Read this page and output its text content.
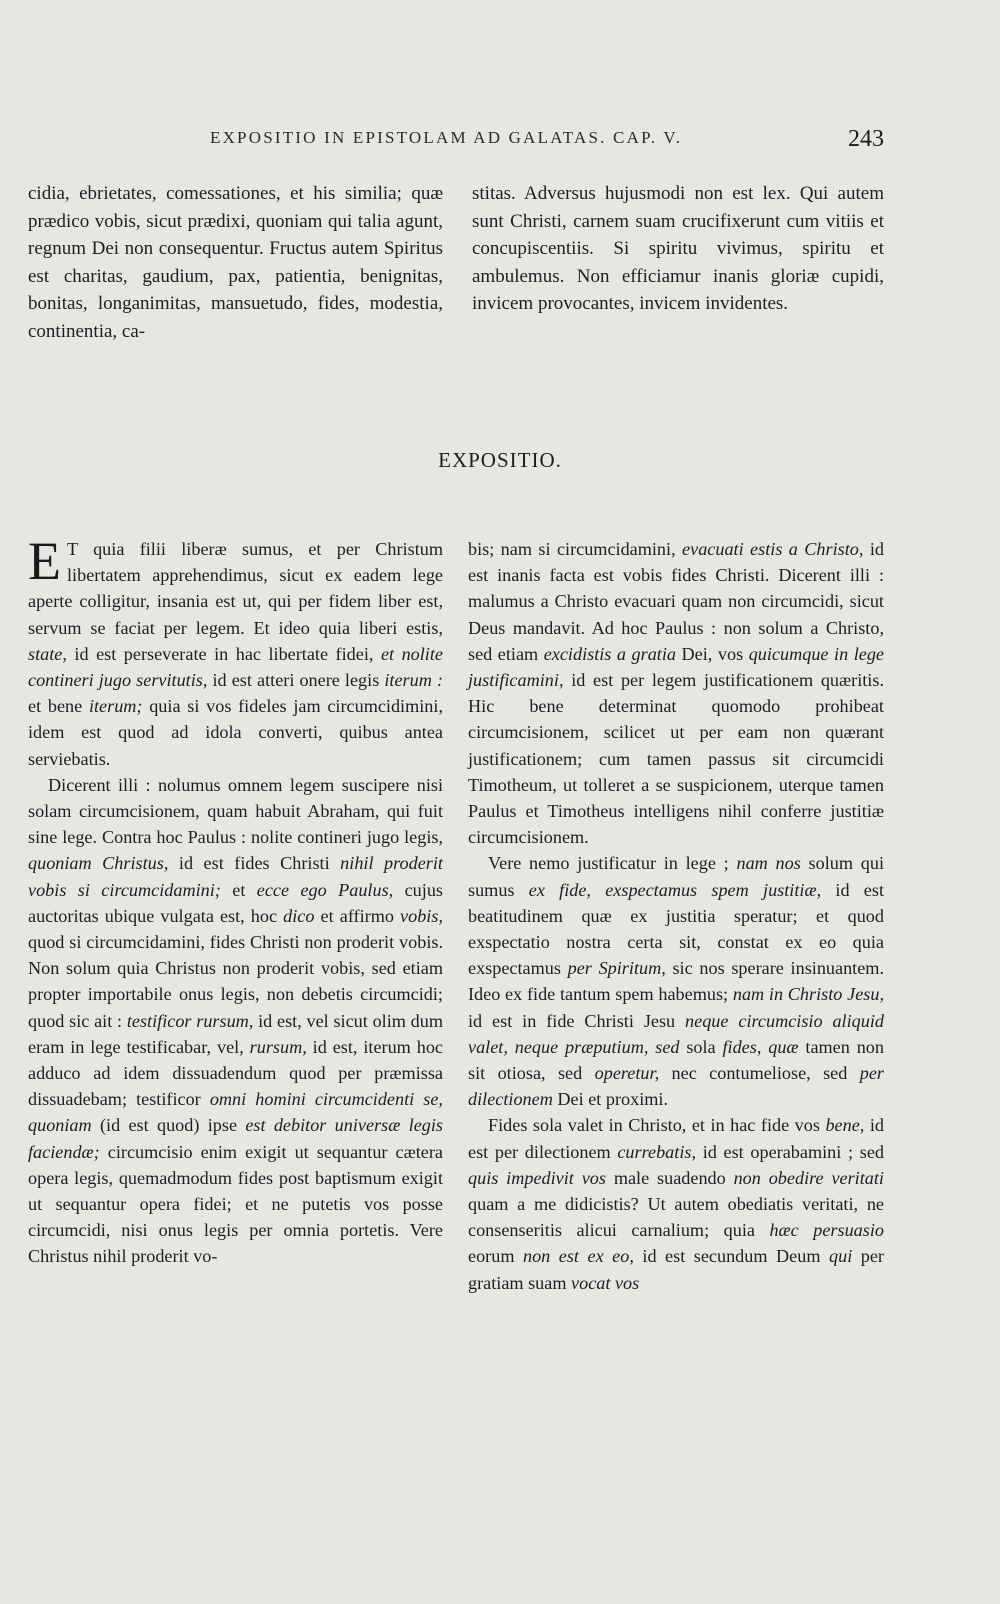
EXPOSITIO IN EPISTOLAM AD GALATAS. CAP. V.	243

cidia, ebrietates, comessationes, et his similia; quæ prædico vobis, sicut prædixi, quoniam qui talia agunt, regnum Dei non consequentur. Fructus autem Spiritus est charitas, gaudium, pax, patientia, benignitas, bonitas, longanimitas, mansuetudo, fides, modestia, continentia, ca-

stitas. Adversus hujusmodi non est lex. Qui autem sunt Christi, carnem suam crucifixerunt cum vitiis et concupiscentiis. Si spiritu vivimus, spiritu et ambulemus. Non efficiamur inanis gloriæ cupidi, invicem provocantes, invicem invidentes.

EXPOSITIO.

E T quia filii liberæ sumus, et per Christum libertatem apprehendimus, sicut ex eadem lege aperte colligitur, insania est ut, qui per fidem liber est, servum se faciat per legem. Et ideo quia liberi estis, state, id est perseverate in hac libertate fidei, et nolite contineri jugo servitutis, id est atteri onere legis iterum : et bene iterum; quia si vos fideles jam circumcidimini, idem est quod ad idola converti, quibus antea serviebatis.

Dicerent illi : nolumus omnem legem suscipere nisi solam circumcisionem, quam habuit Abraham, qui fuit sine lege. Contra hoc Paulus : nolite contineri jugo legis, quoniam Christus, id est fides Christi nihil proderit vobis si circumcidamini; et ecce ego Paulus, cujus auctoritas ubique vulgata est, hoc dico et affirmo vobis, quod si circumcidamini, fides Christi non proderit vobis. Non solum quia Christus non proderit vobis, sed etiam propter importabile onus legis, non debetis circumcidi; quod sic ait : testificor rursum, id est, vel sicut olim dum eram in lege testificabar, vel, rursum, id est, iterum hoc adduco ad idem dissuadendum quod per præmissa dissuadebam; testificor omni homini circumcidenti se, quoniam (id est quod) ipse est debitor universæ legis faciendæ; circumcisio enim exigit ut sequantur cætera opera legis, quemadmodum fides post baptismum exigit ut sequantur opera fidei; et ne putetis vos posse circumcidi, nisi onus legis per omnia portetis. Vere Christus nihil proderit vo-

bis; nam si circumcidamini, evacuati estis a Christo, id est inanis facta est vobis fides Christi. Dicerent illi : malumus a Christo evacuari quam non circumcidi, sicut Deus mandavit. Ad hoc Paulus : non solum a Christo, sed etiam excidistis a gratia Dei, vos quicumque in lege justificamini, id est per legem justificationem quæritis. Hic bene determinat quomodo prohibeat circumcisionem, scilicet ut per eam non quærant justificationem; cum tamen passus sit circumcidi Timotheum, ut tolleret a se suspicionem, uterque tamen Paulus et Timotheus intelligens nihil conferre justitiæ circumcisionem.

Vere nemo justificatur in lege ; nam nos solum qui sumus ex fide, exspectamus spem justitiæ, id est beatitudinem quæ ex justitia speratur; et quod exspectatio nostra certa sit, constat ex eo quia exspectamus per Spiritum, sic nos sperare insinuantem. Ideo ex fide tantum spem habemus; nam in Christo Jesu, id est in fide Christi Jesu neque circumcisio aliquid valet, neque præputium, sed sola fides, quæ tamen non sit otiosa, sed operetur, nec contumeliose, sed per dilectionem Dei et proximi.

Fides sola valet in Christo, et in hac fide vos bene, id est per dilectionem currebatis, id est operabamini ; sed quis impedivit vos male suadendo non obedire veritati quam a me didicistis? Ut autem obediatis veritati, ne consenseritis alicui carnalium; quia hæc persuasio eorum non est ex eo, id est secundum Deum qui per gratiam suam vocat vos
